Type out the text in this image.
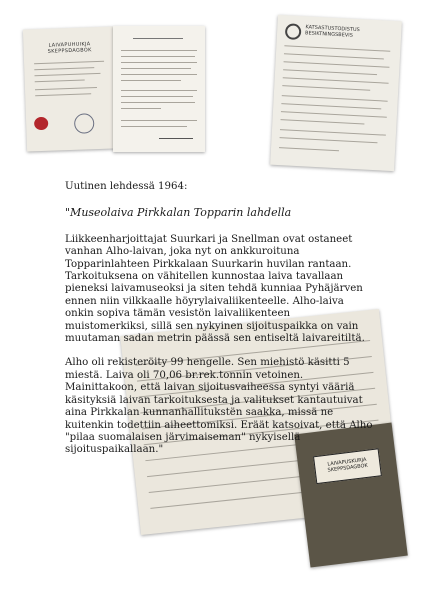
LAIVAPUHUIKJA
SKEPPSDAGBOK
KATSASTUSTODISTUS
BESIKTNINGSBEVIS
LAIVAPUSKURJA
SKEPPSDAGBOK

Uutinen lehdessä 1964:

"Museolaiva Pirkkalan Topparin lahdella

Liikkeenharjoittajat Suurkari ja Snellman ovat ostaneet vanhan Alho-laivan, joka nyt on ankkuroituna Topparinlahteen Pirkkalaan Suurkarin huvilan rantaan. Tarkoituksena on vähitellen kunnostaa laiva tavallaan pieneksi laivamuseoksi ja siten tehdä kunniaa Pyhäjärven ennen niin vilkkaalle höyrylaivaliikenteelle. Alho-laiva onkin sopiva tämän vesistön laivaliikenteen muistomerkiksi, sillä sen nykyinen sijoituspaikka on vain muutaman sadan metrin päässä sen entiseltä laivareitiltä.

Alho oli rekisteröity 99 hengelle. Sen miehistö käsitti 5 miestä. Laiva oli 70,06 br.rek.tonnin vetoinen. Mainittakoon, että laivan sijoitusvaiheessa syntyi vääriä käsityksiä laivan tarkoituksesta ja valitukset kantautuivat aina Pirkkalan kunnanhallitukstën saakka, missä ne kuitenkin todettiin aiheettomiksi. Eräät katsoivat, että Alho "pilaa suomalaisen järvimaiseman" nykyisellä sijoituspaikallaan."
